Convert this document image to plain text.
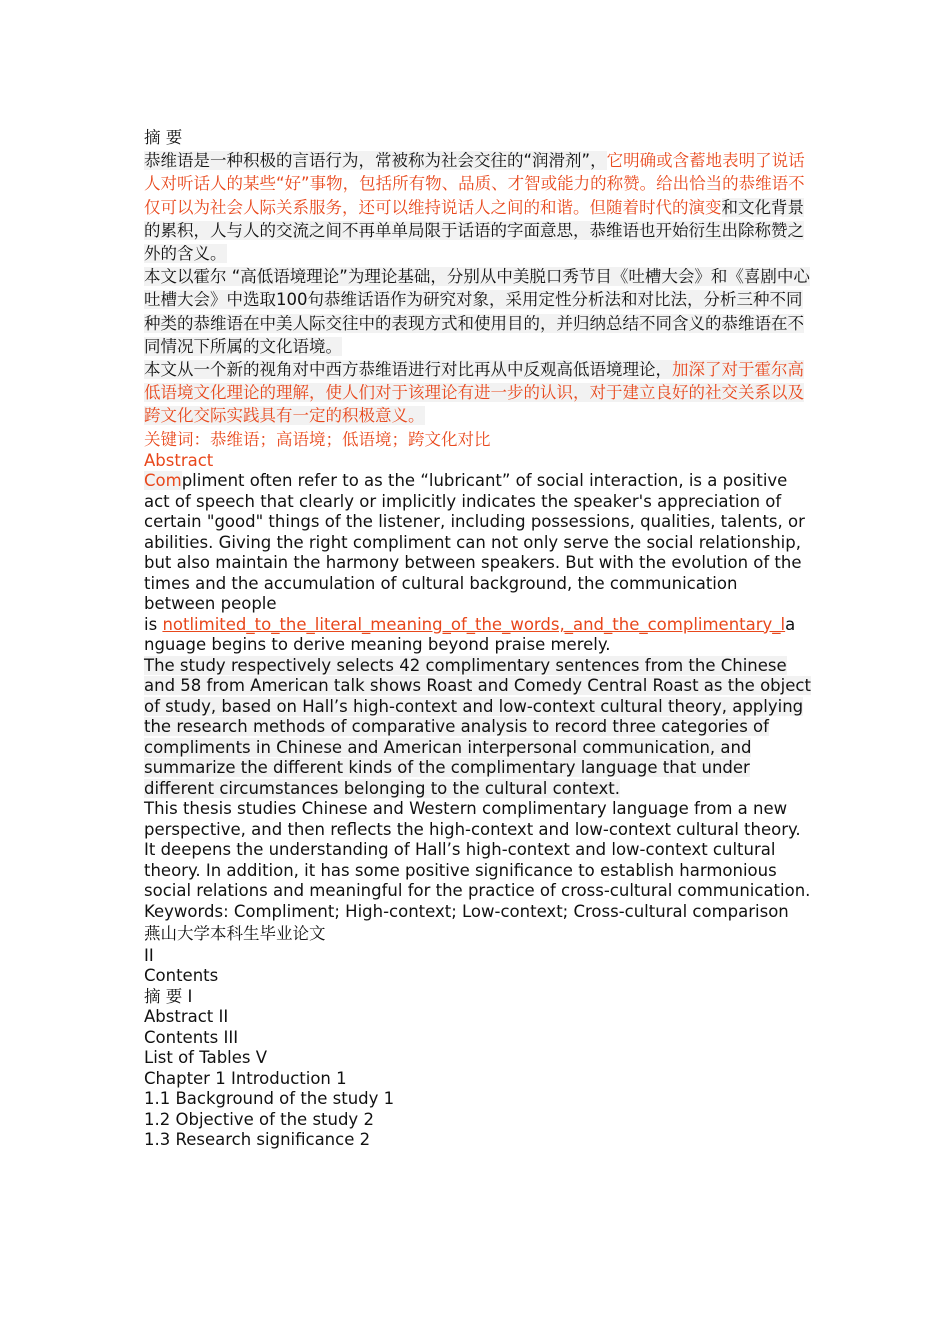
摘 要

恭维语是一种积极的言语行为，常被称为社会交往的“润滑剂”，它明确或含蓄地表明了说话人对听话人的某些“好”事物，包括所有物、品质、才智或能力的称赞。给出恰当的恭维语不仅可以为社会人际关系服务，还可以维持说话人之间的和谐。但随着时代的演变和文化背景的累积，人与人的交流之间不再单单局限于话语的字面意思，恭维语也开始衍生出除称赞之外的含义。

本文以霍尔 “高低语境理论”为理论基础，分别从中美脱口秀节目《吐槽大会》和《喜剧中心吐槽大会》中选取100句恭维话语作为研究对象，采用定性分析法和对比法，分析三种不同种类的恭维语在中美人际交往中的表现方式和使用目的，并归纳总结不同含义的恭维语在不同情况下所属的文化语境。

本文从一个新的视角对中西方恭维语进行对比再从中反观高低语境理论，加深了对于霍尔高低语境文化理论的理解，使人们对于该理论有进一步的认识，对于建立良好的社交关系以及跨文化交际实践具有一定的积极意义。

关键词：恭维语；高语境；低语境；跨文化对比

Abstract

Compliment often refer to as the “lubricant” of social interaction, is a positive act of speech that clearly or implicitly indicates the speaker's appreciation of certain "good" things of the listener, including possessions, qualities, talents, or abilities. Giving the right compliment can not only serve the social relationship, but also maintain the harmony between speakers. But with the evolution of the times and the accumulation of cultural background, the communication between people
is notlimited_to_the_literal_meaning_of_the_words,_and_the_complimentary_la
nguage begins to derive meaning beyond praise merely.

The study respectively selects 42 complimentary sentences from the Chinese and 58 from American talk shows Roast and Comedy Central Roast as the object of study, based on Hall’s high-context and low-context cultural theory, applying the research methods of comparative analysis to record three categories of compliments in Chinese and American interpersonal communication, and summarize the different kinds of the complimentary language that under different circumstances belonging to the cultural context.

This thesis studies Chinese and Western complimentary language from a new perspective, and then reflects the high-context and low-context cultural theory. It deepens the understanding of Hall’s high-context and low-context cultural theory. In addition, it has some positive significance to establish harmonious social relations and meaningful for the practice of cross-cultural communication.

Keywords: Compliment; High-context; Low-context; Cross-cultural comparison

燕山大学本科生毕业论文

II

Contents

摘 要 I

Abstract II

Contents III

List of Tables V

Chapter 1 Introduction 1

1.1 Background of the study 1

1.2 Objective of the study 2

1.3 Research significance 2
